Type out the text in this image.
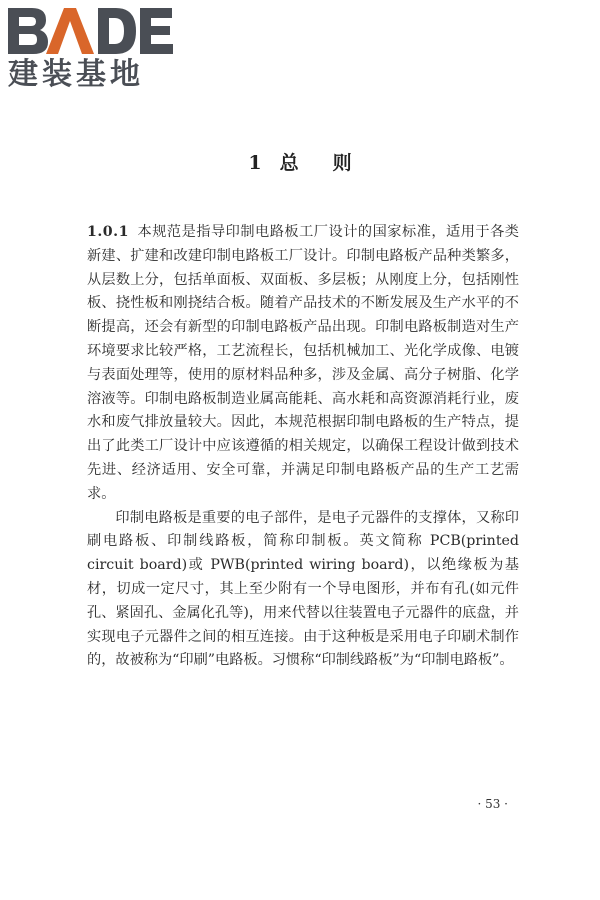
建装基地
1 总 则

1.0.1 本规范是指导印制电路板工厂设计的国家标准，适用于各类新建、扩建和改建印制电路板工厂设计。印制电路板产品种类繁多，从层数上分，包括单面板、双面板、多层板；从刚度上分，包括刚性板、挠性板和刚挠结合板。随着产品技术的不断发展及生产水平的不断提高，还会有新型的印制电路板产品出现。印制电路板制造对生产环境要求比较严格，工艺流程长，包括机械加工、光化学成像、电镀与表面处理等，使用的原材料品种多，涉及金属、高分子树脂、化学溶液等。印制电路板制造业属高能耗、高水耗和高资源消耗行业，废水和废气排放量较大。因此，本规范根据印制电路板的生产特点，提出了此类工厂设计中应该遵循的相关规定，以确保工程设计做到技术先进、经济适用、安全可靠，并满足印制电路板产品的生产工艺需求。

印制电路板是重要的电子部件，是电子元器件的支撑体，又称印刷电路板、印制线路板，简称印制板。英文简称 PCB(printed circuit board)或 PWB(printed wiring board)，以绝缘板为基材，切成一定尺寸，其上至少附有一个导电图形，并布有孔(如元件孔、紧固孔、金属化孔等)，用来代替以往装置电子元器件的底盘，并实现电子元器件之间的相互连接。由于这种板是采用电子印刷术制作的，故被称为“印刷”电路板。习惯称“印制线路板”为“印制电路板”。

· 53 ·
